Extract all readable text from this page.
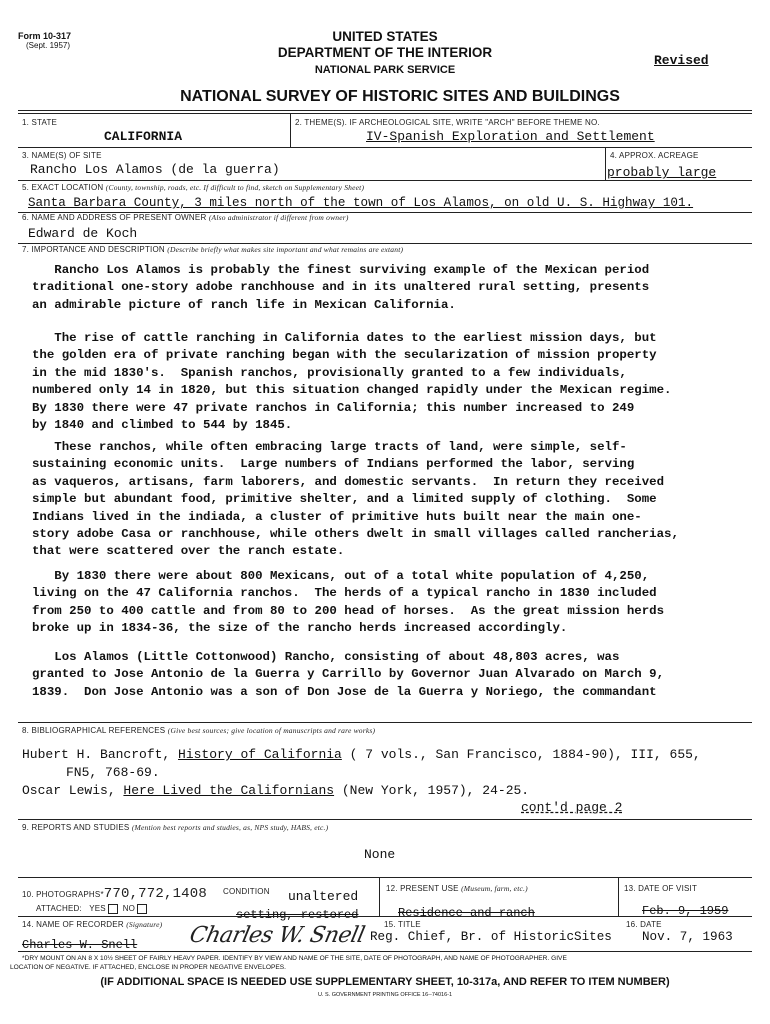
Form 10-317
(Sept. 1957)
UNITED STATES
DEPARTMENT OF THE INTERIOR
NATIONAL PARK SERVICE
Revised
NATIONAL SURVEY OF HISTORIC SITES AND BUILDINGS
1. STATE
CALIFORNIA
2. THEME(S). IF ARCHEOLOGICAL SITE, WRITE "ARCH" BEFORE THEME NO.
IV-Spanish Exploration and Settlement
3. NAME(S) OF SITE
Rancho Los Alamos (de la guerra)
4. APPROX. ACREAGE
probably large
5. EXACT LOCATION (County, township, roads, etc. If difficult to find, sketch on Supplementary Sheet)
Santa Barbara County, 3 miles north of the town of Los Alamos, on old U. S. Highway 101.
6. NAME AND ADDRESS OF PRESENT OWNER (Also administrator if different from owner)
Edward de Koch
7. IMPORTANCE AND DESCRIPTION (Describe briefly what makes site important and what remains are extant)
Rancho Los Alamos is probably the finest surviving example of the Mexican period
traditional one-story adobe ranchhouse and in its unaltered rural setting, presents
an admirable picture of ranch life in Mexican California.
The rise of cattle ranching in California dates to the earliest mission days, but
the golden era of private ranching began with the secularization of mission property
in the mid 1830's.  Spanish ranchos, provisionally granted to a few individuals,
numbered only 14 in 1820, but this situation changed rapidly under the Mexican regime.
By 1830 there were 47 private ranchos in California; this number increased to 249
by 1840 and climbed to 544 by 1845.
These ranchos, while often embracing large tracts of land, were simple, self-
sustaining economic units.  Large numbers of Indians performed the labor, serving
as vaqueros, artisans, farm laborers, and domestic servants.  In return they received
simple but abundant food, primitive shelter, and a limited supply of clothing.  Some
Indians lived in the indiada, a cluster of primitive huts built near the main one-
story adobe Casa or ranchhouse, while others dwelt in small villages called rancherias,
that were scattered over the ranch estate.
By 1830 there were about 800 Mexicans, out of a total white population of 4,250,
living on the 47 California ranchos.  The herds of a typical rancho in 1830 included
from 250 to 400 cattle and from 80 to 200 head of horses.  As the great mission herds
broke up in 1834-36, the size of the rancho herds increased accordingly.
Los Alamos (Little Cottonwood) Rancho, consisting of about 48,803 acres, was
granted to Jose Antonio de la Guerra y Carrillo by Governor Juan Alvarado on March 9,
1839.  Don Jose Antonio was a son of Don Jose de la Guerra y Noriego, the commandant
8. BIBLIOGRAPHICAL REFERENCES (Give best sources; give location of manuscripts and rare works)
Hubert H. Bancroft, History of California ( 7 vols., San Francisco, 1884-90), III, 655,
FN5, 768-69.
Oscar Lewis, Here Lived the Californians (New York, 1957), 24-25.
cont'd page 2
9. REPORTS AND STUDIES (Mention best reports and studies, as, NPS study, HABS, etc.)
None
10. PHOTOGRAPHS*770,772,1408
ATTACHED: YES NO
CONDITION unaltered
setting, restored
12. PRESENT USE (Museum, farm, etc.)
Residence and ranch
13. DATE OF VISIT
Feb. 9, 1959
14. NAME OF RECORDER (Signature)
Charles W. Snell Charles W. Snell 15. TITLE
Reg. Chief, Br. of HistoricSites
16. DATE
Nov. 7, 1963
*DRY MOUNT ON AN 8 X 10½ SHEET OF FAIRLY HEAVY PAPER. IDENTIFY BY VIEW AND NAME OF THE SITE, DATE OF PHOTOGRAPH, AND NAME OF PHOTOGRAPHER. GIVE
LOCATION OF NEGATIVE. IF ATTACHED, ENCLOSE IN PROPER NEGATIVE ENVELOPES.
(IF ADDITIONAL SPACE IS NEEDED USE SUPPLEMENTARY SHEET, 10-317a, AND REFER TO ITEM NUMBER)
U. S. GOVERNMENT PRINTING OFFICE 16--74016-1
